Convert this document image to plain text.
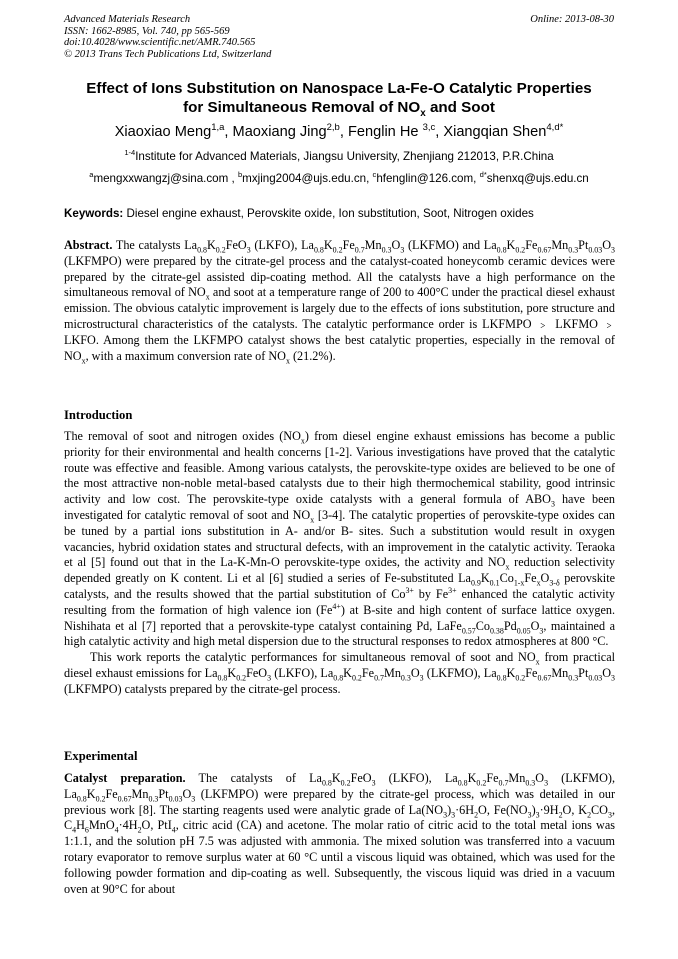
Advanced Materials Research
ISSN: 1662-8985, Vol. 740, pp 565-569
doi:10.4028/www.scientific.net/AMR.740.565
© 2013 Trans Tech Publications Ltd, Switzerland
Online: 2013-08-30
Effect of Ions Substitution on Nanospace La-Fe-O Catalytic Properties
for Simultaneous Removal of $NO_x$ and Soot
Xiaoxiao Meng$^{1,a}$, Maoxiang Jing$^{2,b}$, Fenglin He $^{3,c}$, Xiangqian Shen$^{4,d*}$
$^{1-4}$Institute for Advanced Materials, Jiangsu University, Zhenjiang 212013, P.R.China
$^a$mengxxwangzj@sina.com , $^b$mxjing2004@ujs.edu.cn, $^c$hfenglin@126.com, $^{d*}$shenxq@ujs.edu.cn
Keywords: Diesel engine exhaust, Perovskite oxide, Ion substitution, Soot, Nitrogen oxides

Abstract. The catalysts $La_{0.8}K_{0.2}FeO_3$ (LKFO), $La_{0.8}K_{0.2}Fe_{0.7}Mn_{0.3}O_3$ (LKFMO) and $La_{0.8}K_{0.2}Fe_{0.67}Mn_{0.3}Pt_{0.03}O_3$ (LKFMPO) were prepared by the citrate-gel process and the catalyst-coated honeycomb ceramic devices were prepared by the citrate-gel assisted dip-coating method. All the catalysts have a high performance on the simultaneous removal of $NO_x$ and soot at a temperature range of 200 to 400°C under the practical diesel exhaust emission. The obvious catalytic improvement is largely due to the effects of ions substitution, pore structure and microstructural characteristics of the catalysts. The catalytic performance order is LKFMPO ﹥ LKFMO ﹥ LKFO. Among them the LKFMPO catalyst shows the best catalytic properties, especially in the removal of $NO_x$, with a maximum conversion rate of $NO_x$ (21.2%).

Introduction

The removal of soot and nitrogen oxides $(NO_x)$ from diesel engine exhaust emissions has become a public priority for their environmental and health concerns [1-2]. Various investigations have proved that the catalytic route was effective and feasible. Among various catalysts, the perovskite-type oxides are believed to be one of the most attractive non-noble metal-based catalysts due to their high thermochemical stability, good intrinsic activity and low cost. The perovskite-type oxide catalysts with a general formula of $ABO_3$ have been investigated for catalytic removal of soot and $NO_x$ [3-4]. The catalytic properties of perovskite-type oxides can be tuned by a partial ions substitution in A- and/or B- sites. Such a substitution would result in oxygen vacancies, hybrid oxidation states and structural defects, with an improvement in the catalytic activity. Teraoka et al [5] found out that in the La-K-Mn-O perovskite-type oxides, the activity and $NO_x$ reduction selectivity depended greatly on K content. Li et al [6] studied a series of Fe-substituted $La_{0.9}K_{0.1}Co_{1-x}Fe_xO_{3-\delta}$ perovskite catalysts, and the results showed that the partial substitution of $Co^{3+}$ by $Fe^{3+}$ enhanced the catalytic activity resulting from the formation of high valence ion $(Fe^{4+})$ at B-site and high content of surface lattice oxygen. Nishihata et al [7] reported that a perovskite-type catalyst containing Pd, $LaFe_{0.57}Co_{0.38}Pd_{0.05}O_3$, maintained a high catalytic activity and high metal dispersion due to the structural responses to redox atmospheres at 800 °C.

This work reports the catalytic performances for simultaneous removal of soot and $NO_x$ from practical diesel exhaust emissions for $La_{0.8}K_{0.2}FeO_3$ (LKFO), $La_{0.8}K_{0.2}Fe_{0.7}Mn_{0.3}O_3$ (LKFMO), $La_{0.8}K_{0.2}Fe_{0.67}Mn_{0.3}Pt_{0.03}O_3$ (LKFMPO) catalysts prepared by the citrate-gel process.

Experimental

Catalyst preparation. The catalysts of $La_{0.8}K_{0.2}FeO_3$ (LKFO), $La_{0.8}K_{0.2}Fe_{0.7}Mn_{0.3}O_3$ (LKFMO), $La_{0.8}K_{0.2}Fe_{0.67}Mn_{0.3}Pt_{0.03}O_3$ (LKFMPO) were prepared by the citrate-gel process, which was detailed in our previous work [8]. The starting reagents used were analytic grade of $La(NO_3)_3\cdot 6H_2O$, $Fe(NO_3)_3\cdot 9H_2O$, $K_2CO_3$, $C_4H_6MnO_4\cdot 4H_2O$, PtI$_4$, citric acid (CA) and acetone. The molar ratio of citric acid to the total metal ions was 1:1.1, and the solution pH 7.5 was adjusted with ammonia. The mixed solution was transferred into a vacuum rotary evaporator to remove surplus water at 60 °C until a viscous liquid was obtained, which was used for the following powder formation and dip-coating as well. Subsequently, the viscous liquid was dried in a vacuum oven at 90°C for about
